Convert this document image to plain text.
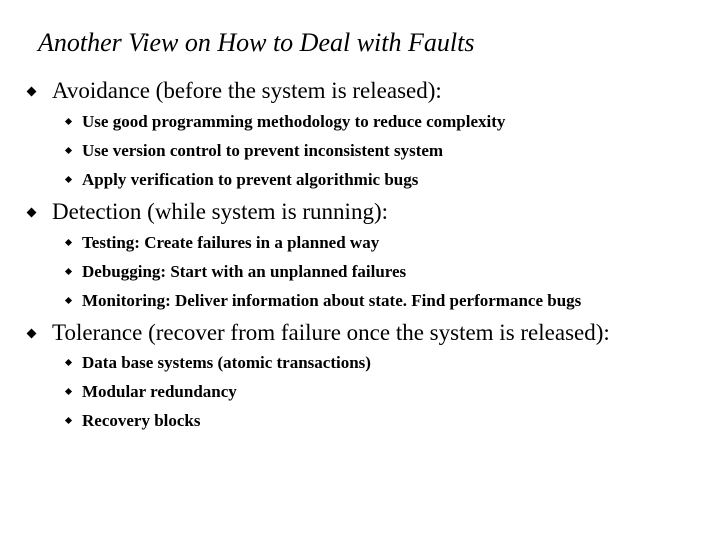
Another View on How to Deal with Faults
Avoidance (before the system is released):
Use good programming methodology to reduce complexity
Use version control to prevent inconsistent system
Apply verification to prevent algorithmic bugs
Detection (while system is running):
Testing: Create failures in a planned way
Debugging: Start with an unplanned failures
Monitoring: Deliver information about state. Find performance bugs
Tolerance (recover from failure once the system is released):
Data base systems (atomic transactions)
Modular redundancy
Recovery blocks
